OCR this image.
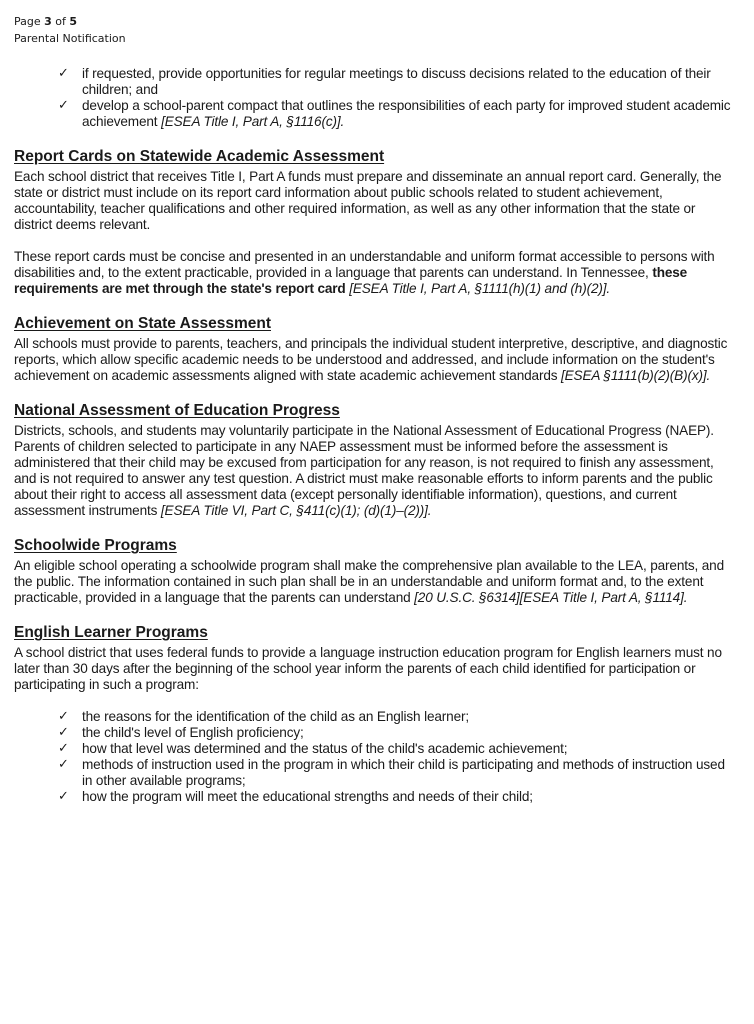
Page 3 of 5
Parental Notification
✓ if requested, provide opportunities for regular meetings to discuss decisions related to the education of their children; and
✓ develop a school-parent compact that outlines the responsibilities of each party for improved student academic achievement [ESEA Title I, Part A, §1116(c)].
Report Cards on Statewide Academic Assessment

Each school district that receives Title I, Part A funds must prepare and disseminate an annual report card. Generally, the state or district must include on its report card information about public schools related to student achievement, accountability, teacher qualifications and other required information, as well as any other information that the state or district deems relevant.

These report cards must be concise and presented in an understandable and uniform format accessible to persons with disabilities and, to the extent practicable, provided in a language that parents can understand. In Tennessee, these requirements are met through the state's report card [ESEA Title I, Part A, §1111(h)(1) and (h)(2)].

Achievement on State Assessment

All schools must provide to parents, teachers, and principals the individual student interpretive, descriptive, and diagnostic reports, which allow specific academic needs to be understood and addressed, and include information on the student's achievement on academic assessments aligned with state academic achievement standards [ESEA §1111(b)(2)(B)(x)].

National Assessment of Education Progress

Districts, schools, and students may voluntarily participate in the National Assessment of Educational Progress (NAEP). Parents of children selected to participate in any NAEP assessment must be informed before the assessment is administered that their child may be excused from participation for any reason, is not required to finish any assessment, and is not required to answer any test question. A district must make reasonable efforts to inform parents and the public about their right to access all assessment data (except personally identifiable information), questions, and current assessment instruments [ESEA Title VI, Part C, §411(c)(1); (d)(1)–(2))].

Schoolwide Programs

An eligible school operating a schoolwide program shall make the comprehensive plan available to the LEA, parents, and the public. The information contained in such plan shall be in an understandable and uniform format and, to the extent practicable, provided in a language that the parents can understand [20 U.S.C. §6314][ESEA Title I, Part A, §1114].

English Learner Programs

A school district that uses federal funds to provide a language instruction education program for English learners must no later than 30 days after the beginning of the school year inform the parents of each child identified for participation or participating in such a program:

✓ the reasons for the identification of the child as an English learner;
✓ the child's level of English proficiency;
✓ how that level was determined and the status of the child's academic achievement;
✓ methods of instruction used in the program in which their child is participating and methods of instruction used in other available programs;
✓ how the program will meet the educational strengths and needs of their child;
